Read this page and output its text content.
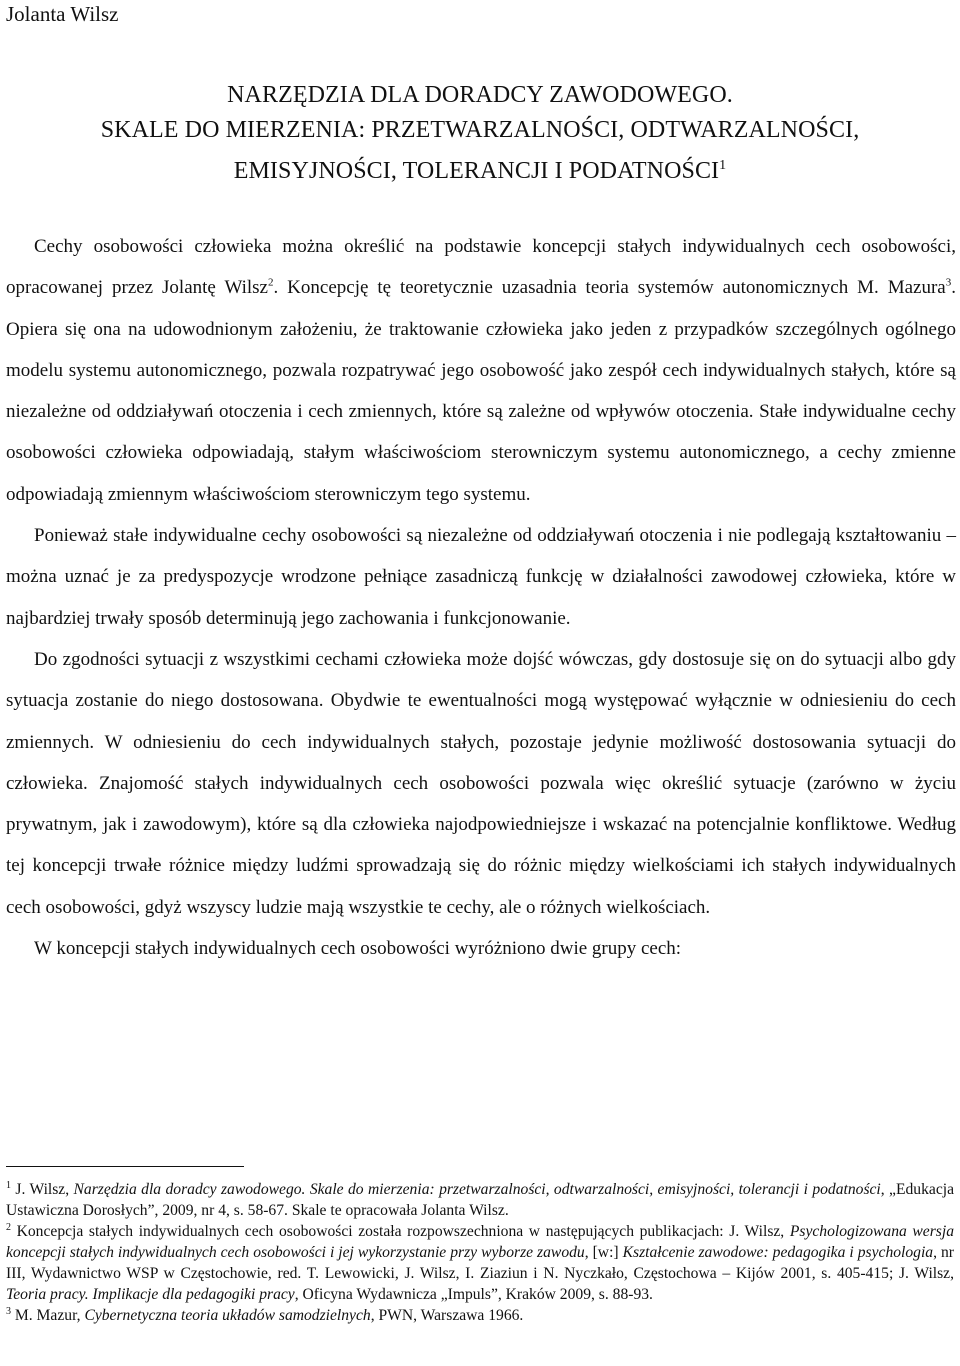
Jolanta Wilsz
NARZĘDZIA DLA DORADCY ZAWODOWEGO.
SKALE DO MIERZENIA: PRZETWARZALNOŚCI, ODTWARZALNOŚCI,
EMISYJNOŚCI, TOLERANCJI I PODATNOŚCI$^1$

Cechy osobowości człowieka można określić na podstawie koncepcji stałych indywidualnych cech osobowości, opracowanej przez Jolantę Wilsz$^2$. Koncepcję tę teoretycznie uzasadnia teoria systemów autonomicznych M. Mazura$^3$. Opiera się ona na udowodnionym założeniu, że traktowanie człowieka jako jeden z przypadków szczególnych ogólnego modelu systemu autonomicznego, pozwala rozpatrywać jego osobowość jako zespół cech indywidualnych stałych, które są niezależne od oddziaływań otoczenia i cech zmiennych, które są zależne od wpływów otoczenia. Stałe indywidualne cechy osobowości człowieka odpowiadają, stałym właściwościom sterowniczym systemu autonomicznego, a cechy zmienne odpowiadają zmiennym właściwościom sterowniczym tego systemu.

Ponieważ stałe indywidualne cechy osobowości są niezależne od oddziaływań otoczenia i nie podlegają kształtowaniu – można uznać je za predyspozycje wrodzone pełniące zasadniczą funkcję w działalności zawodowej człowieka, które w najbardziej trwały sposób determinują jego zachowania i funkcjonowanie.

Do zgodności sytuacji z wszystkimi cechami człowieka może dojść wówczas, gdy dostosuje się on do sytuacji albo gdy sytuacja zostanie do niego dostosowana. Obydwie te ewentualności mogą występować wyłącznie w odniesieniu do cech zmiennych. W odniesieniu do cech indywidualnych stałych, pozostaje jedynie możliwość dostosowania sytuacji do człowieka. Znajomość stałych indywidualnych cech osobowości pozwala więc określić sytuacje (zarówno w życiu prywatnym, jak i zawodowym), które są dla człowieka najodpowiedniejsze i wskazać na potencjalnie konfliktowe. Według tej koncepcji trwałe różnice między ludźmi sprowadzają się do różnic między wielkościami ich stałych indywidualnych cech osobowości, gdyż wszyscy ludzie mają wszystkie te cechy, ale o różnych wielkościach.

W koncepcji stałych indywidualnych cech osobowości wyróżniono dwie grupy cech:

$^1$ J. Wilsz, Narzędzia dla doradcy zawodowego. Skale do mierzenia: przetwarzalności, odtwarzalności, emisyjności, tolerancji i podatności, „Edukacja Ustawiczna Dorosłych”, 2009, nr 4, s. 58-67. Skale te opracowała Jolanta Wilsz.

$^2$ Koncepcja stałych indywidualnych cech osobowości została rozpowszechniona w następujących publikacjach: J. Wilsz, Psychologizowana wersja koncepcji stałych indywidualnych cech osobowości i jej wykorzystanie przy wyborze zawodu, [w:] Kształcenie zawodowe: pedagogika i psychologia, nr III, Wydawnictwo WSP w Częstochowie, red. T. Lewowicki, J. Wilsz, I. Ziaziun i N. Nyczkało, Częstochowa – Kijów 2001, s. 405-415; J. Wilsz, Teoria pracy. Implikacje dla pedagogiki pracy, Oficyna Wydawnicza „Impuls”, Kraków 2009, s. 88-93.

$^3$ M. Mazur, Cybernetyczna teoria układów samodzielnych, PWN, Warszawa 1966.
